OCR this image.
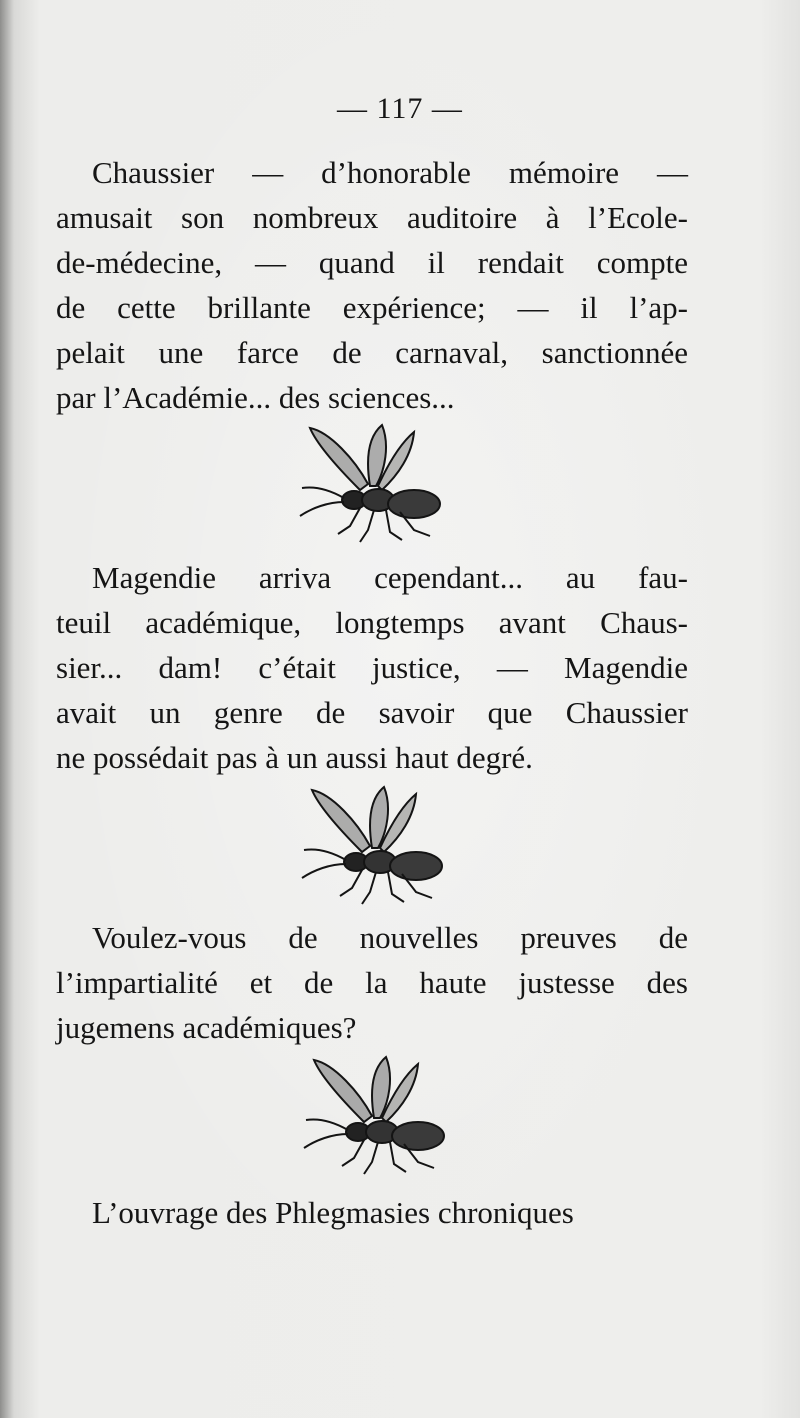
— 117 —
Chaussier — d’honorable mémoire —
amusait son nombreux auditoire à l’Ecole-
de-médecine, — quand il rendait compte
de cette brillante expérience; — il l’ap-
pelait une farce de carnaval, sanctionnée
par l’Académie... des sciences...
Magendie arriva cependant... au fau-
teuil académique, longtemps avant Chaus-
sier... dam! c’était justice, — Magendie
avait un genre de savoir que Chaussier
ne possédait pas à un aussi haut degré.
Voulez-vous de nouvelles preuves de
l’impartialité et de la haute justesse des
jugemens académiques?
L’ouvrage des Phlegmasies chroniques
